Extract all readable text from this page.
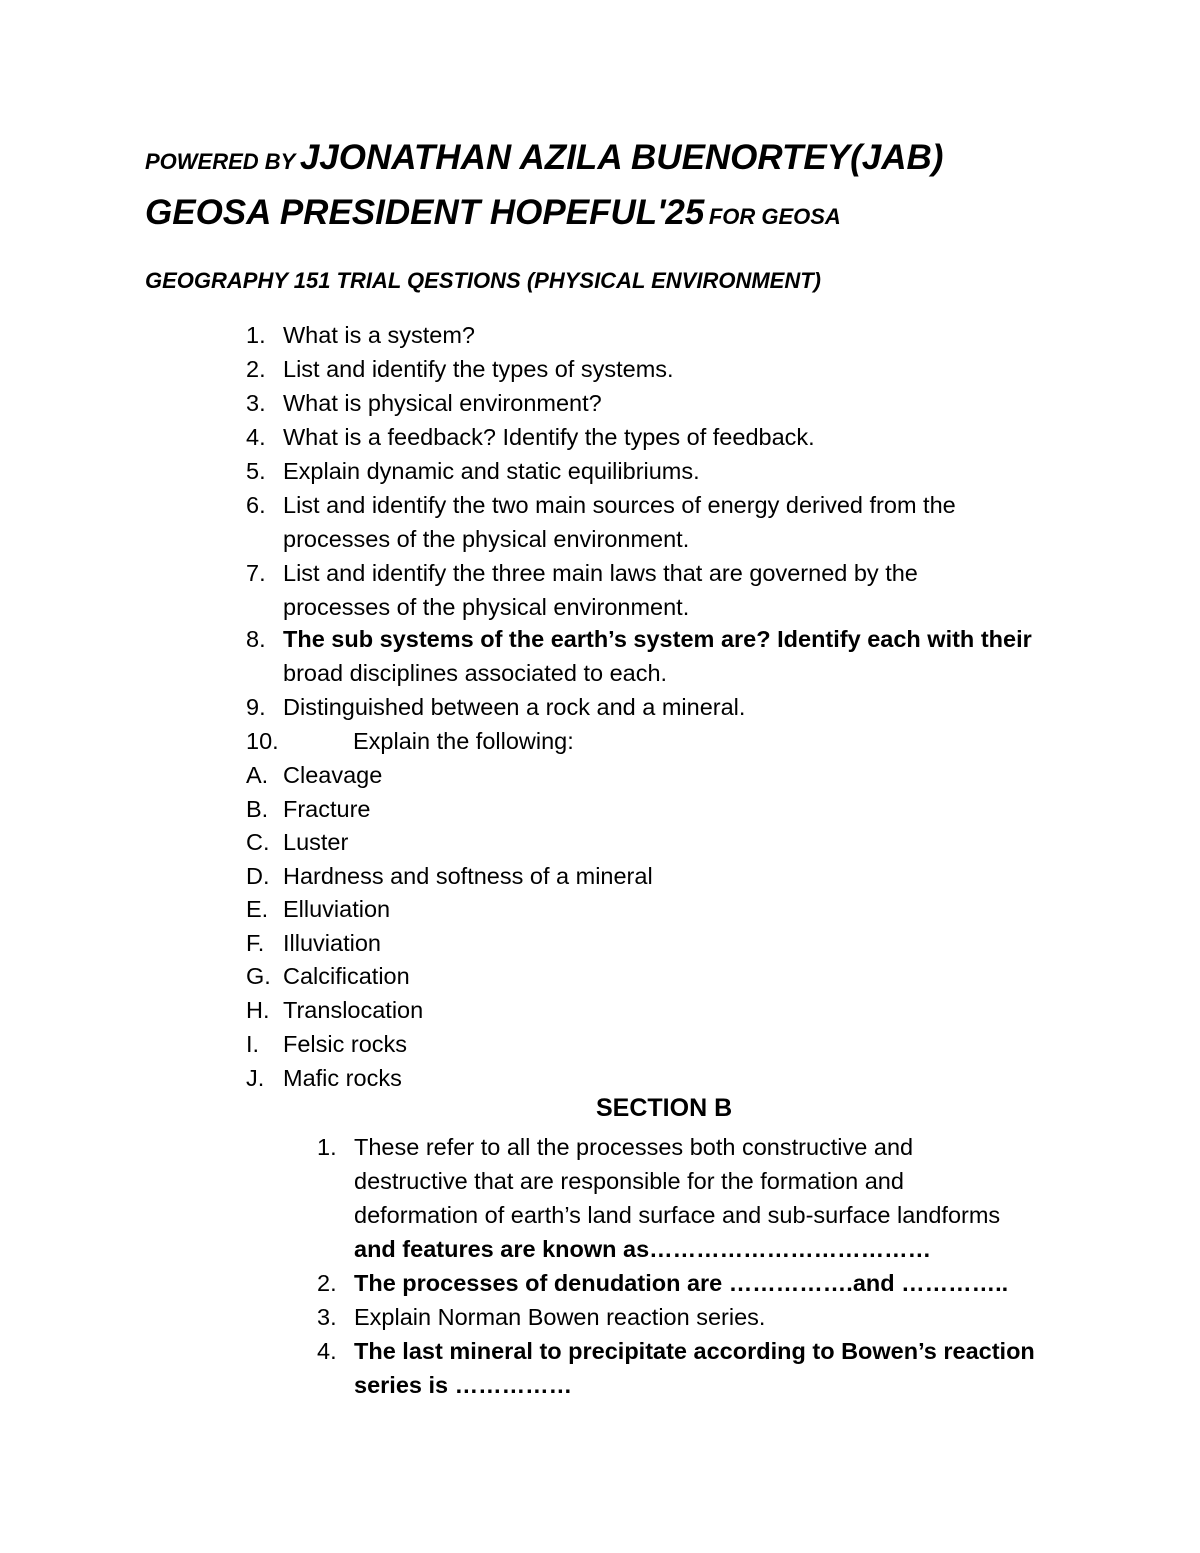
POWERED BY JJONATHAN AZILA BUENORTEY(JAB)
GEOSA PRESIDENT HOPEFUL'25 FOR GEOSA
GEOGRAPHY 151 TRIAL QESTIONS (PHYSICAL ENVIRONMENT)
1. What is a system?
2. List and identify the types of systems.
3. What is physical environment?
4. What is a feedback? Identify the types of feedback.
5. Explain dynamic and static equilibriums.
6. List and identify the two main sources of energy derived from the
processes of the physical environment.
7. List and identify the three main laws that are governed by the
processes of the physical environment.
8. The sub systems of the earth’s system are? Identify each with their
broad disciplines associated to each.
9. Distinguished between a rock and a mineral.
10.	Explain the following:
A. Cleavage
B. Fracture
C. Luster
D. Hardness and softness of a mineral
E. Elluviation
F. Illuviation
G. Calcification
H. Translocation
I. Felsic rocks
J. Mafic rocks
SECTION B
1. These refer to all the processes both constructive and
destructive that are responsible for the formation and
deformation of earth’s land surface and sub-surface landforms
and features are known as………………………………
2. The processes of denudation are …………….and …………..
3. Explain Norman Bowen reaction series.
4. The last mineral to precipitate according to Bowen’s reaction
series is ……………
